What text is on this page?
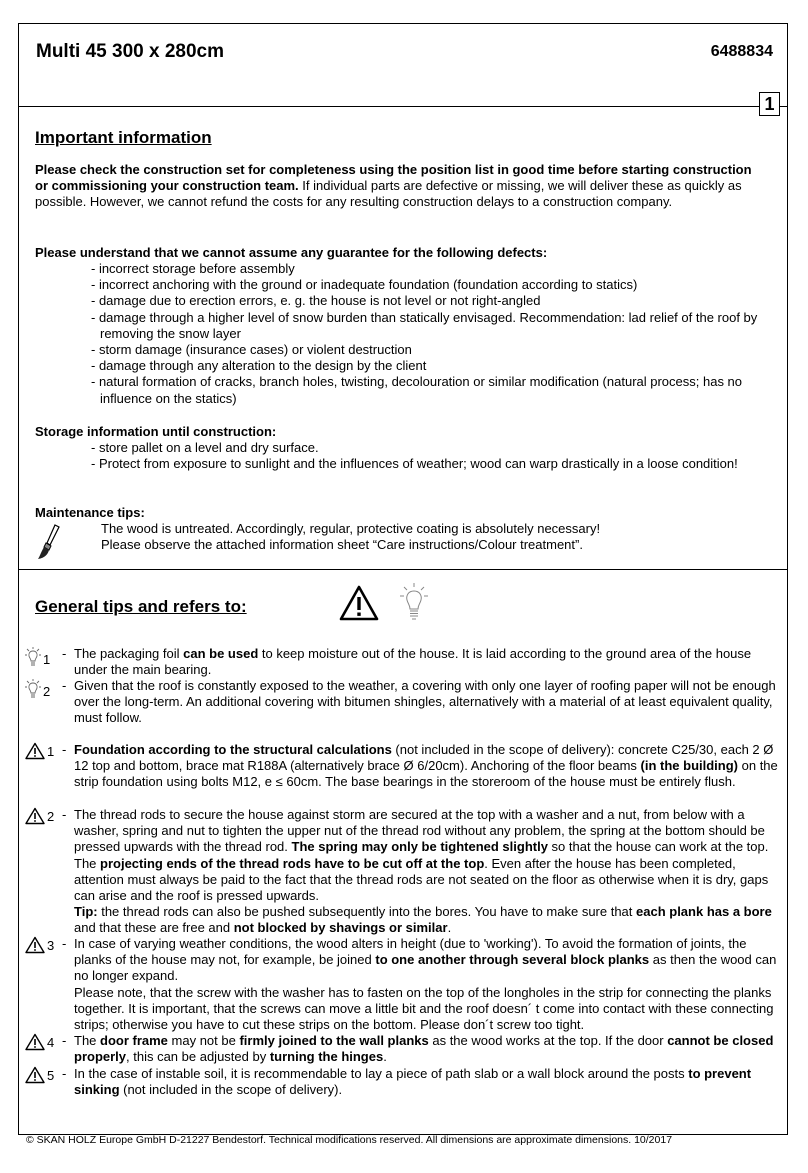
Multi 45 300 x 280cm	6488834
1
Important information
Please check the construction set for completeness using the position list in good time before starting construction or commissioning your construction team. If individual parts are defective or missing, we will deliver these as quickly as possible. However, we cannot refund the costs for any resulting construction delays to a construction company.
Please understand that we cannot assume any guarantee for the following defects:
- incorrect storage before assembly
- incorrect anchoring with the ground or inadequate foundation (foundation according to statics)
- damage due to erection errors, e. g. the house is not level or not right-angled
- damage through a higher level of snow burden than statically envisaged. Recommendation: lad relief of the roof by removing the snow layer
- storm damage (insurance cases) or violent destruction
- damage through any alteration to the design by the client
- natural formation of cracks, branch holes, twisting, decolouration or similar modification (natural process; has no influence on the statics)
Storage information until construction:
- store pallet on a level and dry surface.
- Protect from exposure to sunlight and the influences of weather; wood can warp drastically in a loose condition!
Maintenance tips:
The wood is untreated. Accordingly, regular, protective coating is absolutely necessary!
Please observe the attached information sheet “Care instructions/Colour treatment”.
General tips and refers to:
1 - The packaging foil can be used to keep moisture out of the house. It is laid according to the ground area of the house under the main bearing.
2 - Given that the roof is constantly exposed to the weather, a covering with only one layer of roofing paper will not be enough over the long-term. An additional covering with bitumen shingles, alternatively with a material of at least equivalent quality, must follow.
1 - Foundation according to the structural calculations (not included in the scope of delivery): concrete C25/30, each 2 Ø 12 top and bottom, brace mat R188A (alternatively brace Ø 6/20cm). Anchoring of the floor beams (in the building) on the strip foundation using bolts M12, e ≤ 60cm. The base bearings in the storeroom of the house must be entirely flush.
2 - The thread rods to secure the house against storm are secured at the top with a washer and a nut, from below with a washer, spring and nut to tighten the upper nut of the thread rod without any problem, the spring at the bottom should be pressed upwards with the thread rod. The spring may only be tightened slightly so that the house can work at the top. The projecting ends of the thread rods have to be cut off at the top. Even after the house has been completed, attention must always be paid to the fact that the thread rods are not seated on the floor as otherwise when it is dry, gaps can arise and the roof is pressed upwards.
Tip: the thread rods can also be pushed subsequently into the bores. You have to make sure that each plank has a bore and that these are free and not blocked by shavings or similar.
3 - In case of varying weather conditions, the wood alters in height (due to 'working'). To avoid the formation of joints, the planks of the house may not, for example, be joined to one another through several block planks as then the wood can no longer expand.
Please note, that the screw with the washer has to fasten on the top of the longholes in the strip for connecting the planks together. It is important, that the screws can move a little bit and the roof doesn´ t come into contact with these connecting strips; otherwise you have to cut these strips on the bottom. Please don´t screw too tight.
4 - The door frame may not be firmly joined to the wall planks as the wood works at the top. If the door cannot be closed properly, this can be adjusted by turning the hinges.
5 - In the case of instable soil, it is recommendable to lay a piece of path slab or a wall block around the posts to prevent sinking (not included in the scope of delivery).
© SKAN HOLZ Europe GmbH D-21227 Bendestorf. Technical modifications reserved. All dimensions are approximate dimensions. 10/2017
